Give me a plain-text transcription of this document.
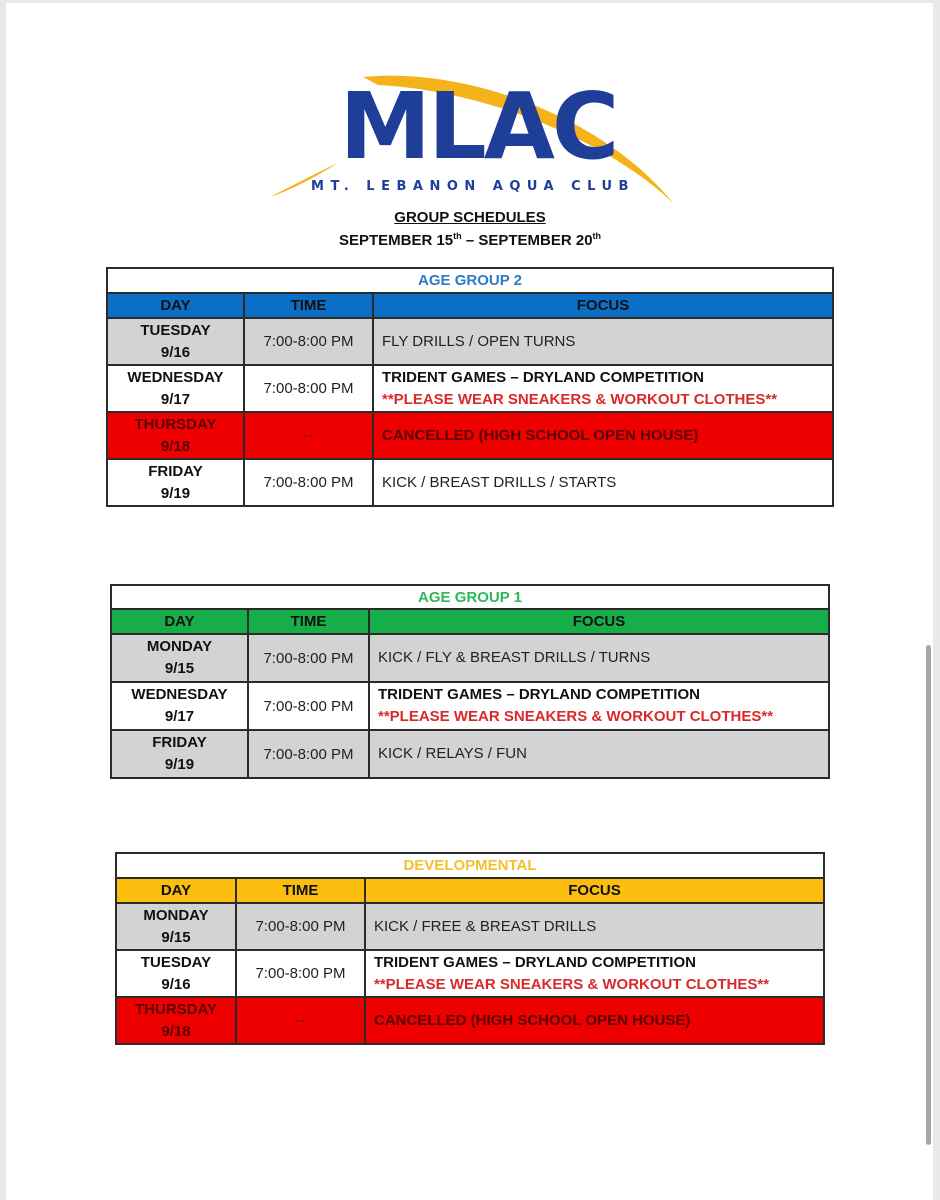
MLAC
MT. LEBANON AQUA CLUB
GROUP SCHEDULES
SEPTEMBER 15th – SEPTEMBER 20th
AGE GROUP 2		
DAY	TIME	FOCUS
TUESDAY
9/16	7:00-8:00 PM	FLY DRILLS / OPEN TURNS
WEDNESDAY
9/17	7:00-8:00 PM	TRIDENT GAMES – DRYLAND COMPETITION
**PLEASE WEAR SNEAKERS & WORKOUT CLOTHES**
THURSDAY
9/18	--	CANCELLED (HIGH SCHOOL OPEN HOUSE)
FRIDAY
9/19	7:00-8:00 PM	KICK / BREAST DRILLS / STARTS
AGE GROUP 1		
DAY	TIME	FOCUS
MONDAY
9/15	7:00-8:00 PM	KICK / FLY & BREAST DRILLS / TURNS
WEDNESDAY
9/17	7:00-8:00 PM	TRIDENT GAMES – DRYLAND COMPETITION
**PLEASE WEAR SNEAKERS & WORKOUT CLOTHES**
FRIDAY
9/19	7:00-8:00 PM	KICK / RELAYS / FUN
DEVELOPMENTAL		
DAY	TIME	FOCUS
MONDAY
9/15	7:00-8:00 PM	KICK / FREE & BREAST DRILLS
TUESDAY
9/16	7:00-8:00 PM	TRIDENT GAMES – DRYLAND COMPETITION
**PLEASE WEAR SNEAKERS & WORKOUT CLOTHES**
THURSDAY
9/18	--	CANCELLED (HIGH SCHOOL OPEN HOUSE)
